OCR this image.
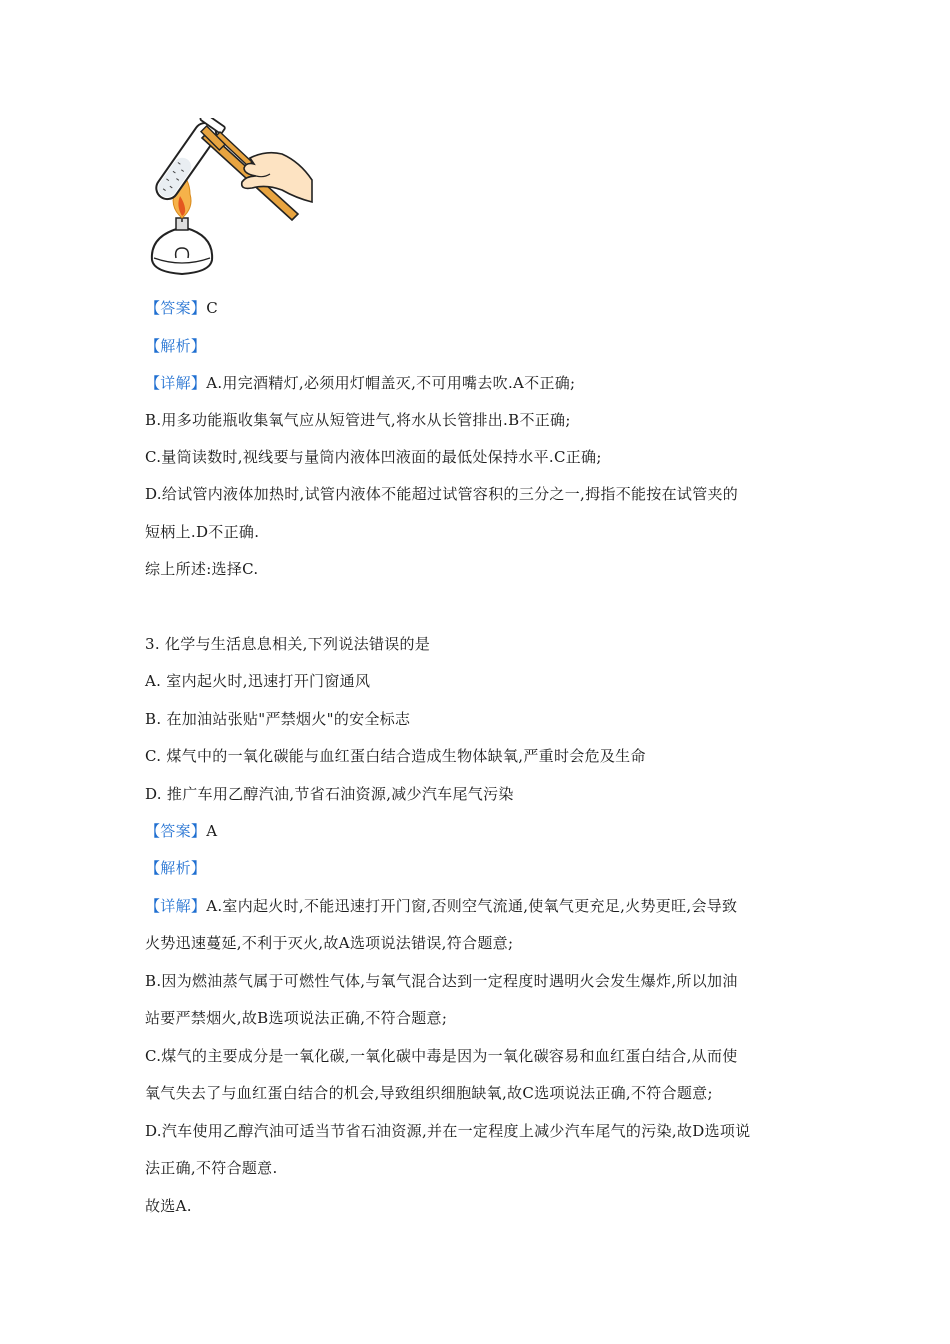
【答案】C
【解析】
【详解】A.用完酒精灯,必须用灯帽盖灭,不可用嘴去吹.A不正确;
B.用多功能瓶收集氧气应从短管进气,将水从长管排出.B不正确;
C.量筒读数时,视线要与量筒内液体凹液面的最低处保持水平.C正确;
D.给试管内液体加热时,试管内液体不能超过试管容积的三分之一,拇指不能按在试管夹的
短柄上.D不正确.
综上所述:选择C.
3. 化学与生活息息相关,下列说法错误的是
A. 室内起火时,迅速打开门窗通风
B. 在加油站张贴"严禁烟火"的安全标志
C. 煤气中的一氧化碳能与血红蛋白结合造成生物体缺氧,严重时会危及生命
D. 推广车用乙醇汽油,节省石油资源,减少汽车尾气污染
【答案】A
【解析】
【详解】A.室内起火时,不能迅速打开门窗,否则空气流通,使氧气更充足,火势更旺,会导致
火势迅速蔓延,不利于灭火,故A选项说法错误,符合题意;
B.因为燃油蒸气属于可燃性气体,与氧气混合达到一定程度时遇明火会发生爆炸,所以加油
站要严禁烟火,故B选项说法正确,不符合题意;
C.煤气的主要成分是一氧化碳,一氧化碳中毒是因为一氧化碳容易和血红蛋白结合,从而使
氧气失去了与血红蛋白结合的机会,导致组织细胞缺氧,故C选项说法正确,不符合题意;
D.汽车使用乙醇汽油可适当节省石油资源,并在一定程度上减少汽车尾气的污染,故D选项说
法正确,不符合题意.
故选A.
